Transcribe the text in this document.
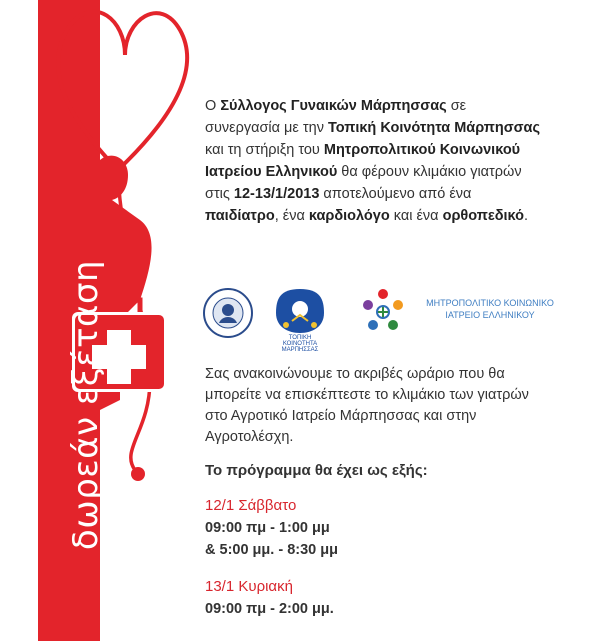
δωρεάν εξέταση
Ο Σύλλογος Γυναικών Μάρπησσας σε συνεργασία με την Τοπική Κοινότητα Μάρπησσας και τη στήριξη του Μητροπολιτικού Κοινωνικού Ιατρείου Ελληνικού θα φέρουν κλιμάκιο γιατρών στις 12-13/1/2013 αποτελούμενο από ένα παιδίατρο, ένα καρδιολόγο και ένα ορθοπεδικό.
ΤΟΠΙΚΗ
ΚΟΙΝΟΤΗΤΑ
ΜΑΡΠΗΣΣΑΣ
ΜΗΤΡΟΠΟΛΙΤΙΚΟ ΚΟΙΝΩΝΙΚΟ
ΙΑΤΡΕΙΟ ΕΛΛΗΝΙΚΟΥ
Σας ανακοινώνουμε το ακριβές ωράριο που θα μπορείτε να επισκέπτεστε το κλιμάκιο των γιατρών στο Αγροτικό Ιατρείο Μάρπησσας και στην Αγροτολέσχη.
Το πρόγραμμα θα έχει ως εξής:
12/1 Σάββατο
09:00 πμ - 1:00 μμ
& 5:00 μμ. - 8:30 μμ
13/1 Κυριακή
09:00 πμ - 2:00 μμ.
